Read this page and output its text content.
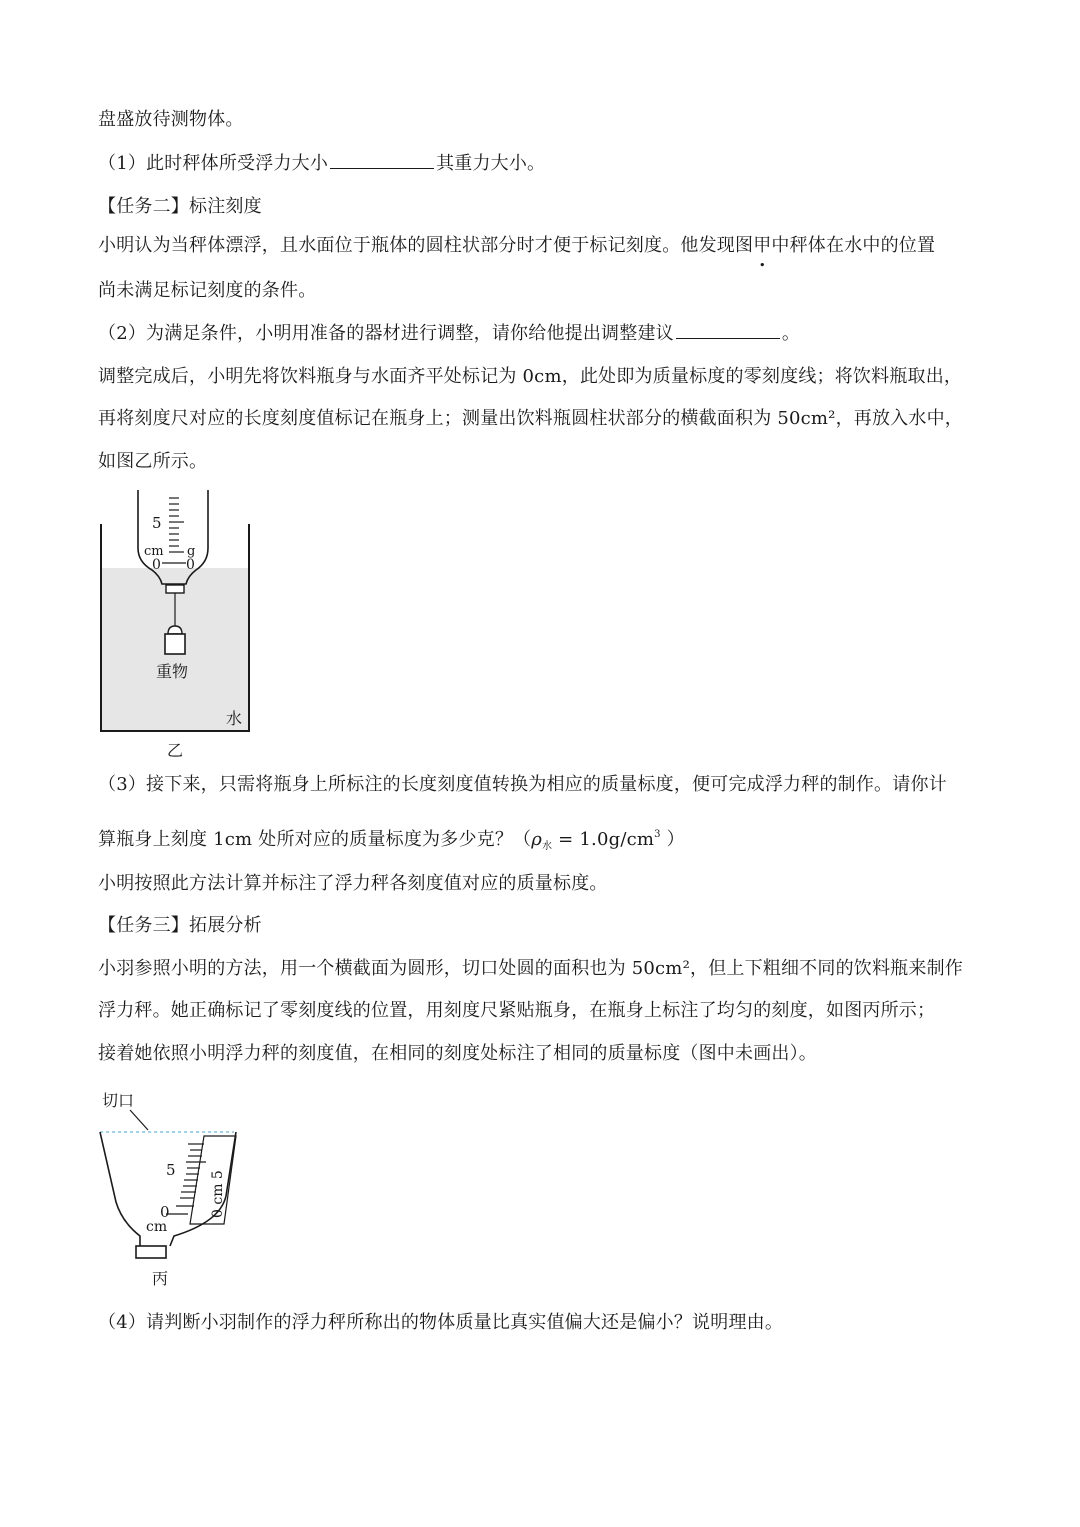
盘盛放待测物体。
（1）此时秤体所受浮力大小	其重力大小。
【任务二】标注刻度
小明认为当秤体漂浮，且水面位于瓶体的圆柱状部分时才便于标记刻度。他发现图甲中秤体在水中的位置
尚未满足标记刻度的条件。
（2）为满足条件，小明用准备的器材进行调整，请你给他提出调整建议	。
调整完成后，小明先将饮料瓶身与水面齐平处标记为 0cm，此处即为质量标度的零刻度线；将饮料瓶取出，
再将刻度尺对应的长度刻度值标记在瓶身上；测量出饮料瓶圆柱状部分的横截面积为 50cm²，再放入水中，
如图乙所示。
5
cm g
0 0
重物
水
乙
（3）接下来，只需将瓶身上所标注的长度刻度值转换为相应的质量标度，便可完成浮力秤的制作。请你计
算瓶身上刻度 1cm 处所对应的质量标度为多少克？（$\rho_水 = 1.0g/cm^3$ ）
小明按照此方法计算并标注了浮力秤各刻度值对应的质量标度。
【任务三】拓展分析
小羽参照小明的方法，用一个横截面为圆形，切口处圆的面积也为 50cm²，但上下粗细不同的饮料瓶来制作
浮力秤。她正确标记了零刻度线的位置，用刻度尺紧贴瓶身，在瓶身上标注了均匀的刻度，如图丙所示；
接着她依照小明浮力秤的刻度值，在相同的刻度处标注了相同的质量标度（图中未画出）。
切口
5
0
cm
0 cm 5
丙
（4）请判断小羽制作的浮力秤所称出的物体质量比真实值偏大还是偏小？说明理由。
